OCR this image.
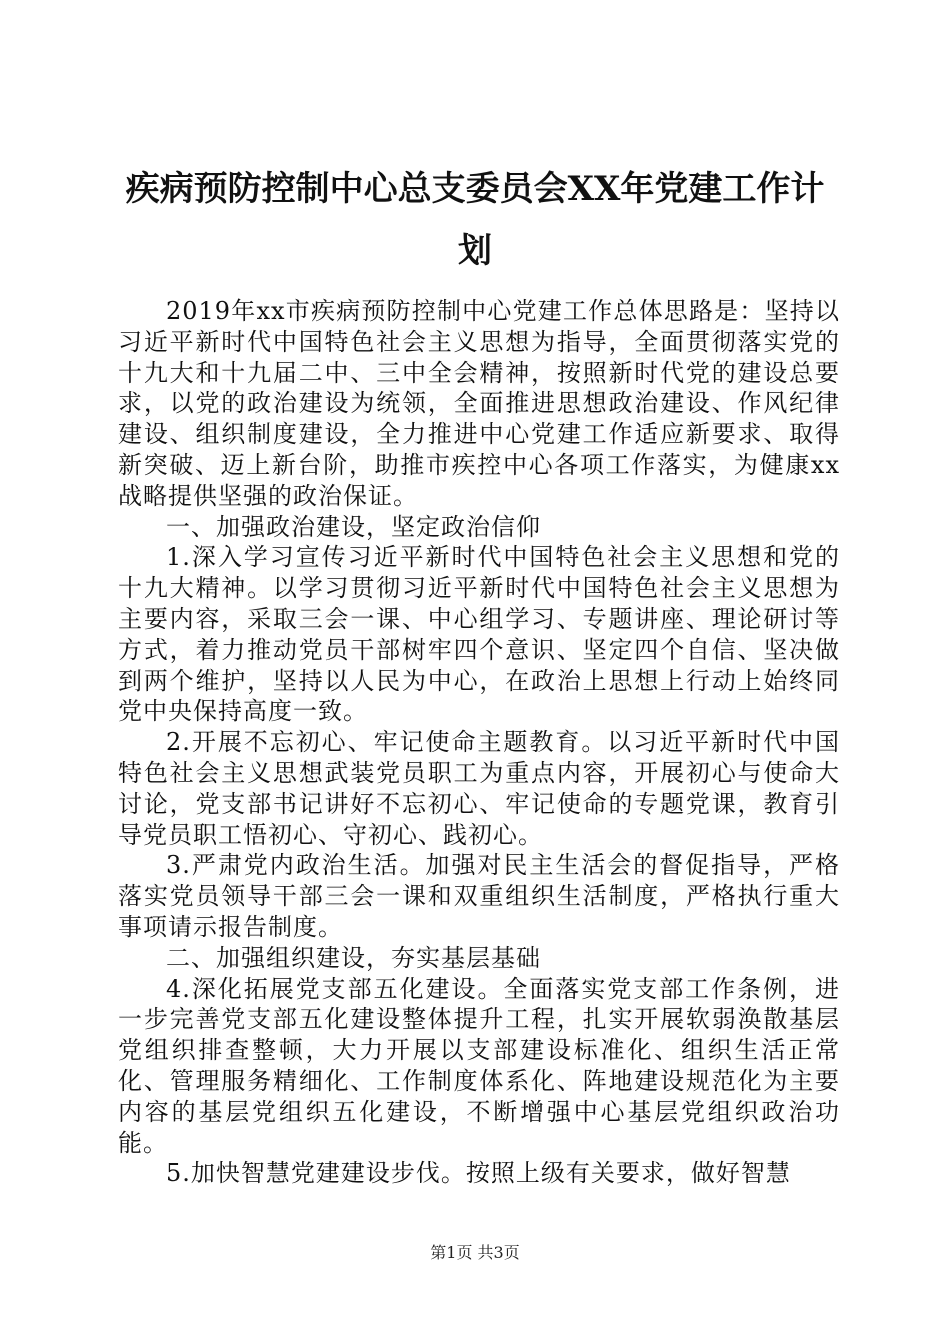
疾病预防控制中心总支委员会XX年党建工作计划

2019年xx市疾病预防控制中心党建工作总体思路是：坚持以习近平新时代中国特色社会主义思想为指导，全面贯彻落实党的十九大和十九届二中、三中全会精神，按照新时代党的建设总要求，以党的政治建设为统领，全面推进思想政治建设、作风纪律建设、组织制度建设，全力推进中心党建工作适应新要求、取得新突破、迈上新台阶，助推市疾控中心各项工作落实，为健康xx战略提供坚强的政治保证。

一、加强政治建设，坚定政治信仰

1.深入学习宣传习近平新时代中国特色社会主义思想和党的十九大精神。以学习贯彻习近平新时代中国特色社会主义思想为主要内容，采取三会一课、中心组学习、专题讲座、理论研讨等方式，着力推动党员干部树牢四个意识、坚定四个自信、坚决做到两个维护，坚持以人民为中心，在政治上思想上行动上始终同党中央保持高度一致。

2.开展不忘初心、牢记使命主题教育。以习近平新时代中国特色社会主义思想武装党员职工为重点内容，开展初心与使命大讨论，党支部书记讲好不忘初心、牢记使命的专题党课，教育引导党员职工悟初心、守初心、践初心。

3.严肃党内政治生活。加强对民主生活会的督促指导，严格落实党员领导干部三会一课和双重组织生活制度，严格执行重大事项请示报告制度。

二、加强组织建设，夯实基层基础

4.深化拓展党支部五化建设。全面落实党支部工作条例，进一步完善党支部五化建设整体提升工程，扎实开展软弱涣散基层党组织排查整顿，大力开展以支部建设标准化、组织生活正常化、管理服务精细化、工作制度体系化、阵地建设规范化为主要内容的基层党组织五化建设，不断增强中心基层党组织政治功能。

5.加快智慧党建建设步伐。按照上级有关要求，做好智慧

第1页 共3页
